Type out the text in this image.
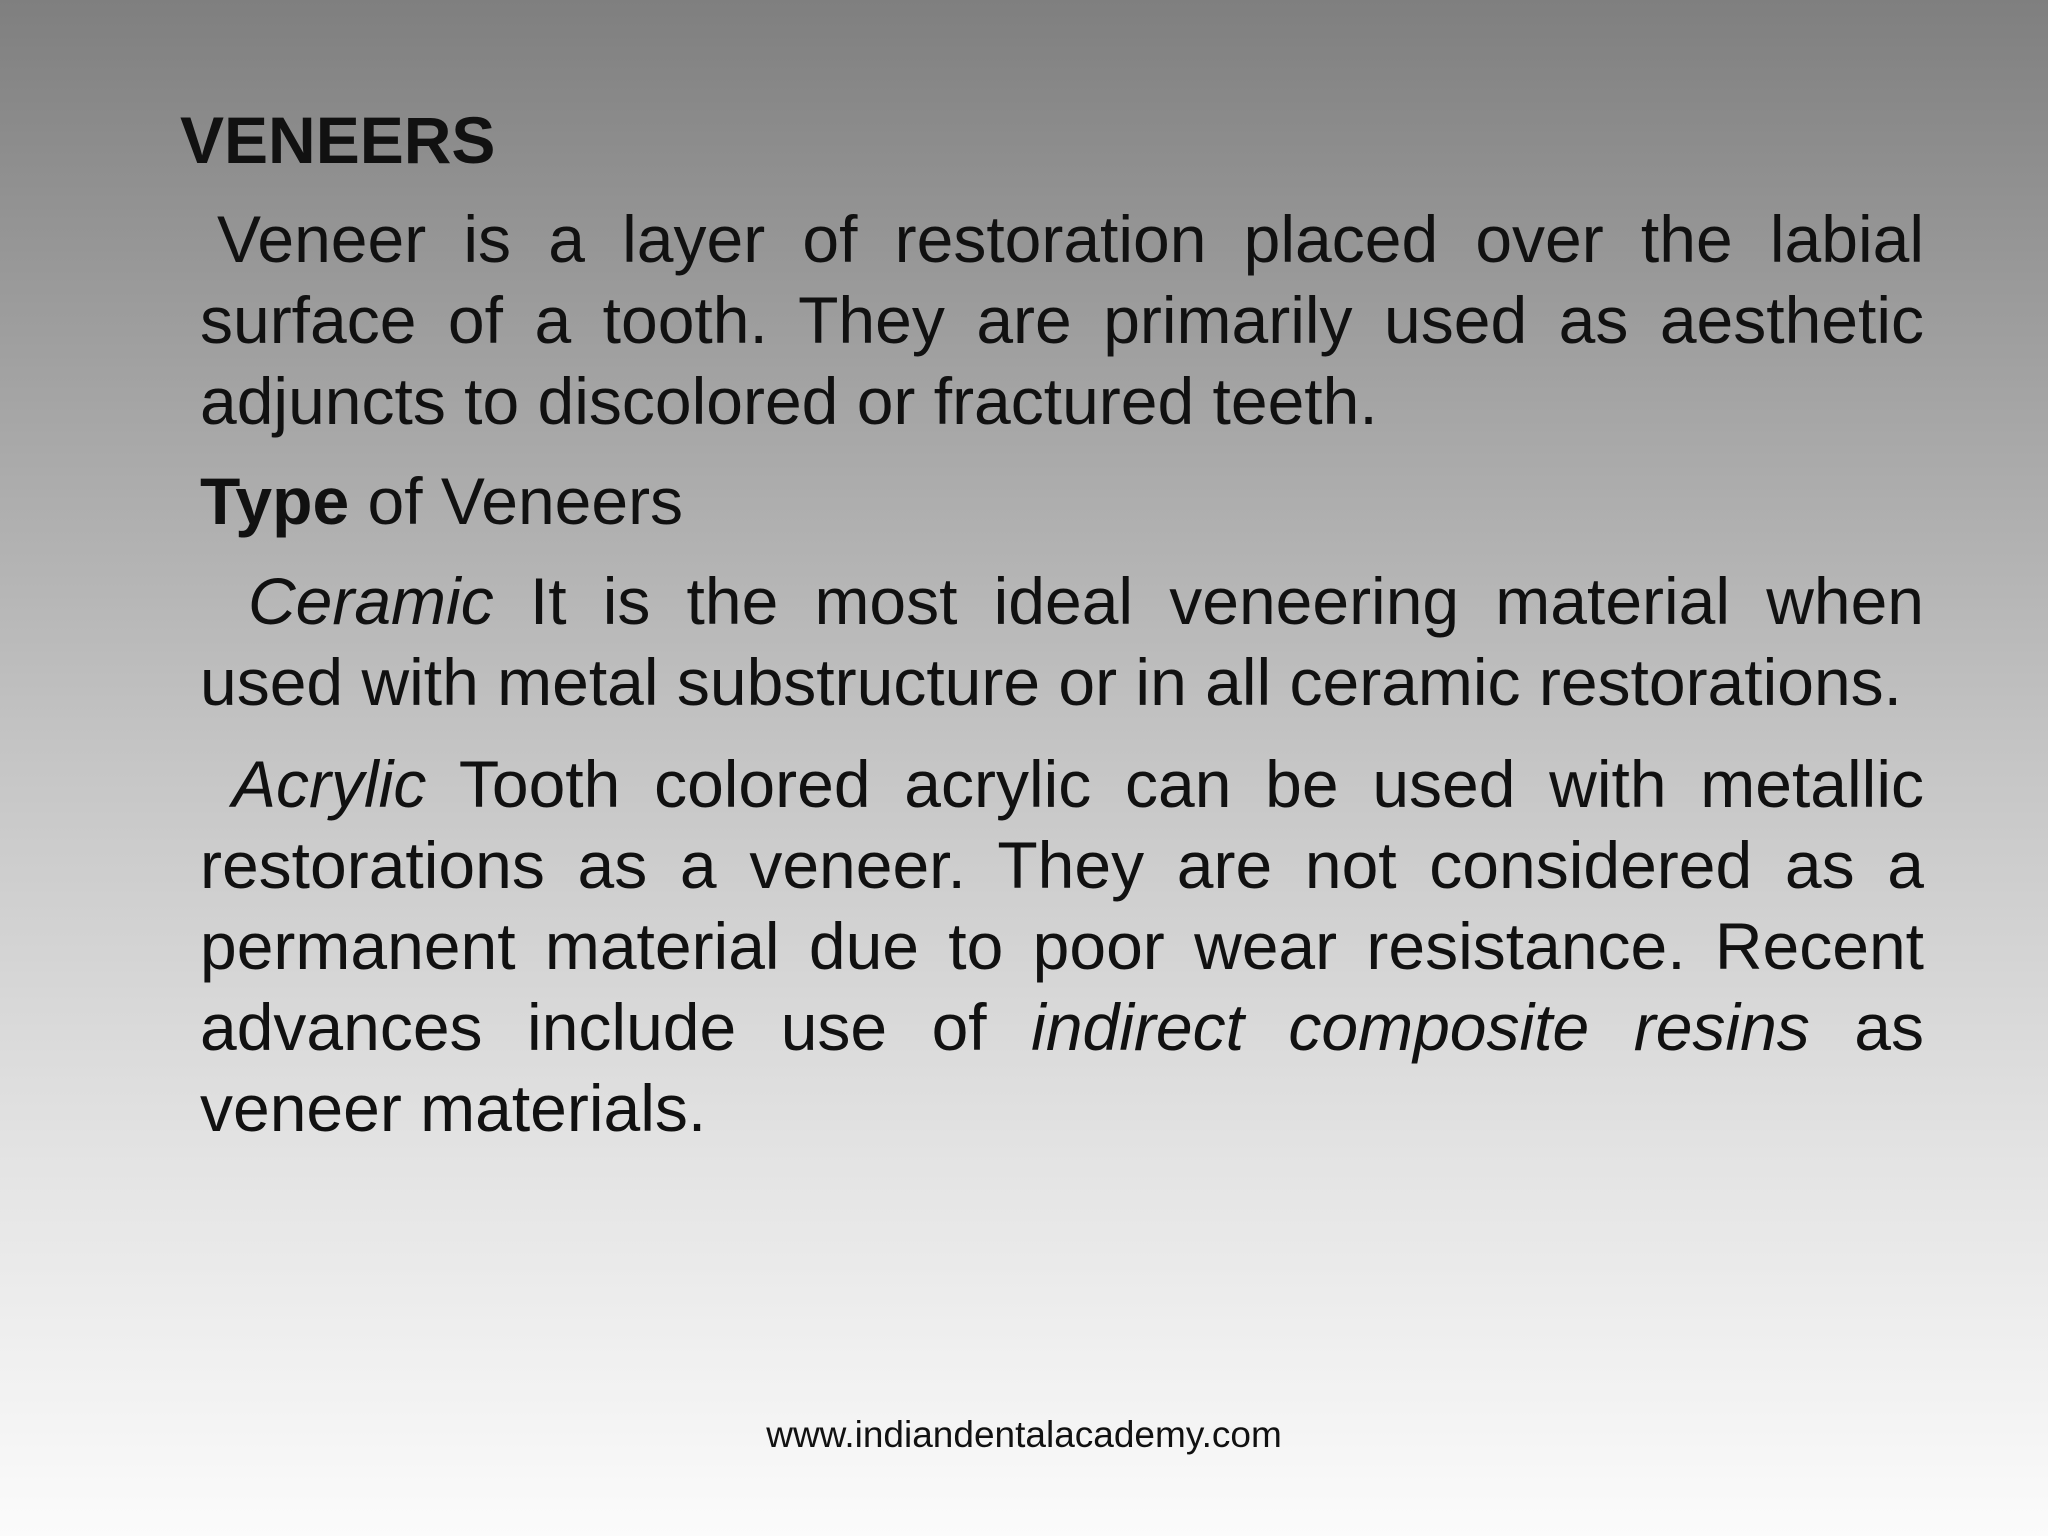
VENEERS

Veneer is a layer of restoration placed over the labial surface of a tooth. They are primarily used as aesthetic adjuncts to discolored or fractured teeth.

Type of Veneers

Ceramic It is the most ideal veneering material when used with metal substructure or in all ceramic restorations.

Acrylic Tooth colored acrylic can be used with metallic restorations as a veneer. They are not considered as a permanent material due to poor wear resistance. Recent advances include use of indirect composite resins as veneer materials.

www.indiandentalacademy.com
